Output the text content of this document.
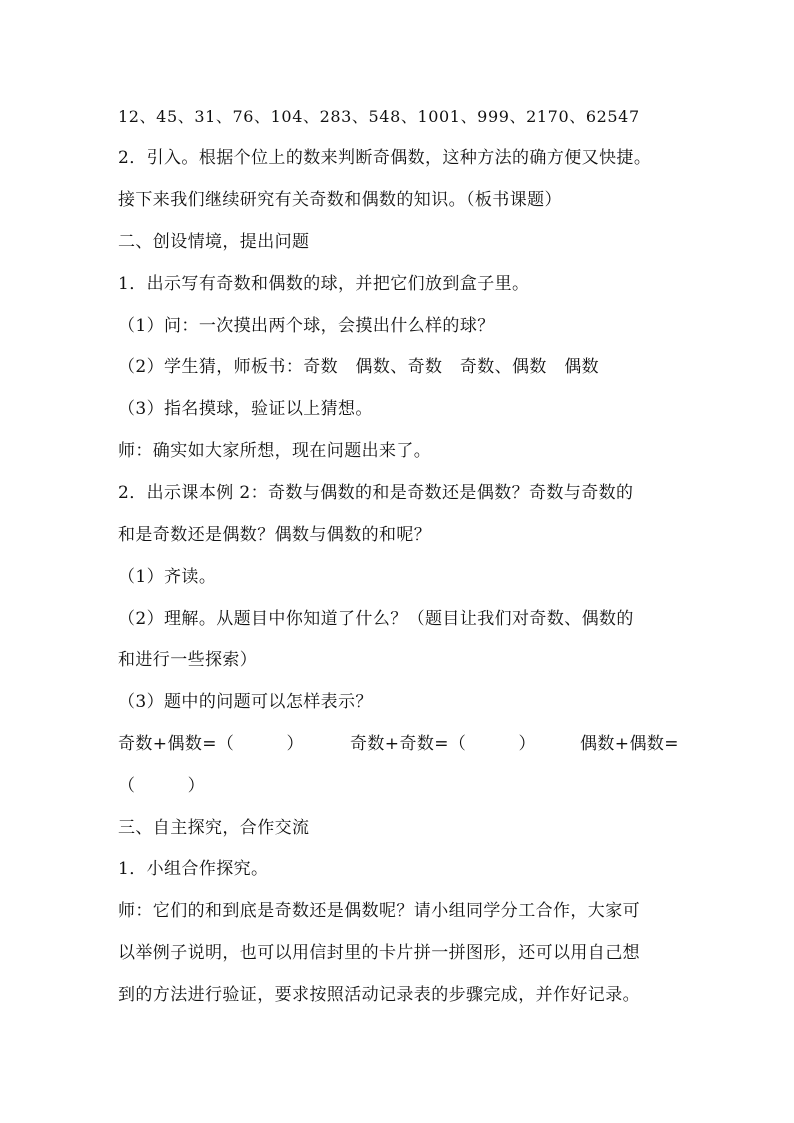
12、45、31、76、104、283、548、1001、999、2170、62547
2．引入。根据个位上的数来判断奇偶数，这种方法的确方便又快捷。
接下来我们继续研究有关奇数和偶数的知识。（板书课题）
二、创设情境，提出问题
1．出示写有奇数和偶数的球，并把它们放到盒子里。
（1）问：一次摸出两个球，会摸出什么样的球？
（2）学生猜，师板书：奇数　偶数、奇数　奇数、偶数　偶数
（3）指名摸球，验证以上猜想。
师：确实如大家所想，现在问题出来了。
2．出示课本例 2：奇数与偶数的和是奇数还是偶数？奇数与奇数的
和是奇数还是偶数？偶数与偶数的和呢？
（1）齐读。
（2）理解。从题目中你知道了什么？（题目让我们对奇数、偶数的
和进行一些探索）
（3）题中的问题可以怎样表示？
奇数+偶数=（　　　）	奇数+奇数=（　　　）	偶数+偶数=
（　　　）
三、自主探究，合作交流
1．小组合作探究。
师：它们的和到底是奇数还是偶数呢？请小组同学分工合作，大家可
以举例子说明，也可以用信封里的卡片拼一拼图形，还可以用自己想
到的方法进行验证，要求按照活动记录表的步骤完成，并作好记录。
